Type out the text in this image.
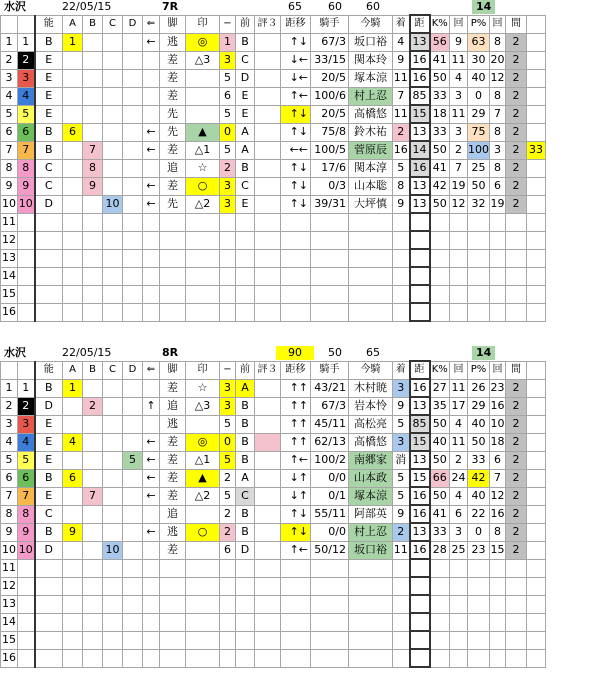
水沢	22/05/15	7R	65 60 60	14
		能	A	B	C	D	⇐	脚	印	−	前	評３	距移	騎手	今騎	着	距	K%	回	P%	回	間	
1	1	B	1				←	逃	◎	1	B		↑↓	67/3	坂口裕	4	13	56	9	63	8	2	
2	2	E						差	△3	3	C		↓←	33/15	関本玲	9	16	41	11	30	20	2	
3	3	E						差		5	D		↓←	20/5	塚本涼	11	16	50	4	40	12	2	
4	4	E						差		6	E		↑←	100/6	村上忍	7	85	33	3	0	8	2	
5	5	E						先		5	E		↑↓	20/5	高橋悠	11	15	18	11	29	7	2	
6	6	B	6				←	先	▲	0	A		↑↓	75/8	鈴木祐	2	13	33	3	75	8	2	
7	7	B		7			←	差	△1	5	A		←←	100/5	菅原辰	16	14	50	2	100	3	2	33
8	8	C		8				追	☆	2	B		↑↓	17/6	関本淳	5	16	41	7	25	8	2	
9	9	C		9			←	差	○	3	C		↑↓	0/3	山本聡	8	13	42	19	50	6	2	
10	10	D			10		←	先	△2	3	E		↑↓	39/31	大坪慎	9	13	50	12	32	19	2	
11																							
12																							
13																							
14																							
15																							
16																							
水沢	22/05/15	8R	90	50 65	14
		能	A	B	C	D	⇐	脚	印	−	前	評３	距移	騎手	今騎	着	距	K%	回	P%	回	間	
1	1	B	1					差	☆	3	A		↑↑	43/21	木村暁	3	16	27	11	26	23	2	
2	2	D		2			↑	追	△3	3	B		↑↑	67/3	岩本怜	9	13	35	17	29	16	2	
3	3	E						逃		5	B		↑↑	45/11	高松亮	5	85	50	4	40	10	2	
4	4	E	4				←	差	◎	0	B		↑↑	62/13	高橋悠	3	15	40	11	50	18	2	
5	5	E				5	←	差	△1	5	B		↑←	100/2	南郷家	消	13	50	2	33	6	2	
6	6	B	6				←	差	▲	2	A		↓↑	0/0	山本政	5	15	66	24	42	7	2	
7	7	E		7			←	差	△2	5	C		↓↑	0/1	塚本涼	5	16	50	4	40	12	2	
8	8	C						追		2	B		↑↓	55/11	阿部英	9	16	41	6	22	16	2	
9	9	B	9				←	逃	○	2	B		↑↓	0/0	村上忍	2	13	33	3	0	8	2	
10	10	D			10			差		6	D		↑←	50/12	坂口裕	11	16	28	25	23	15	2	
11																							
12																							
13																							
14																							
15																							
16																							
